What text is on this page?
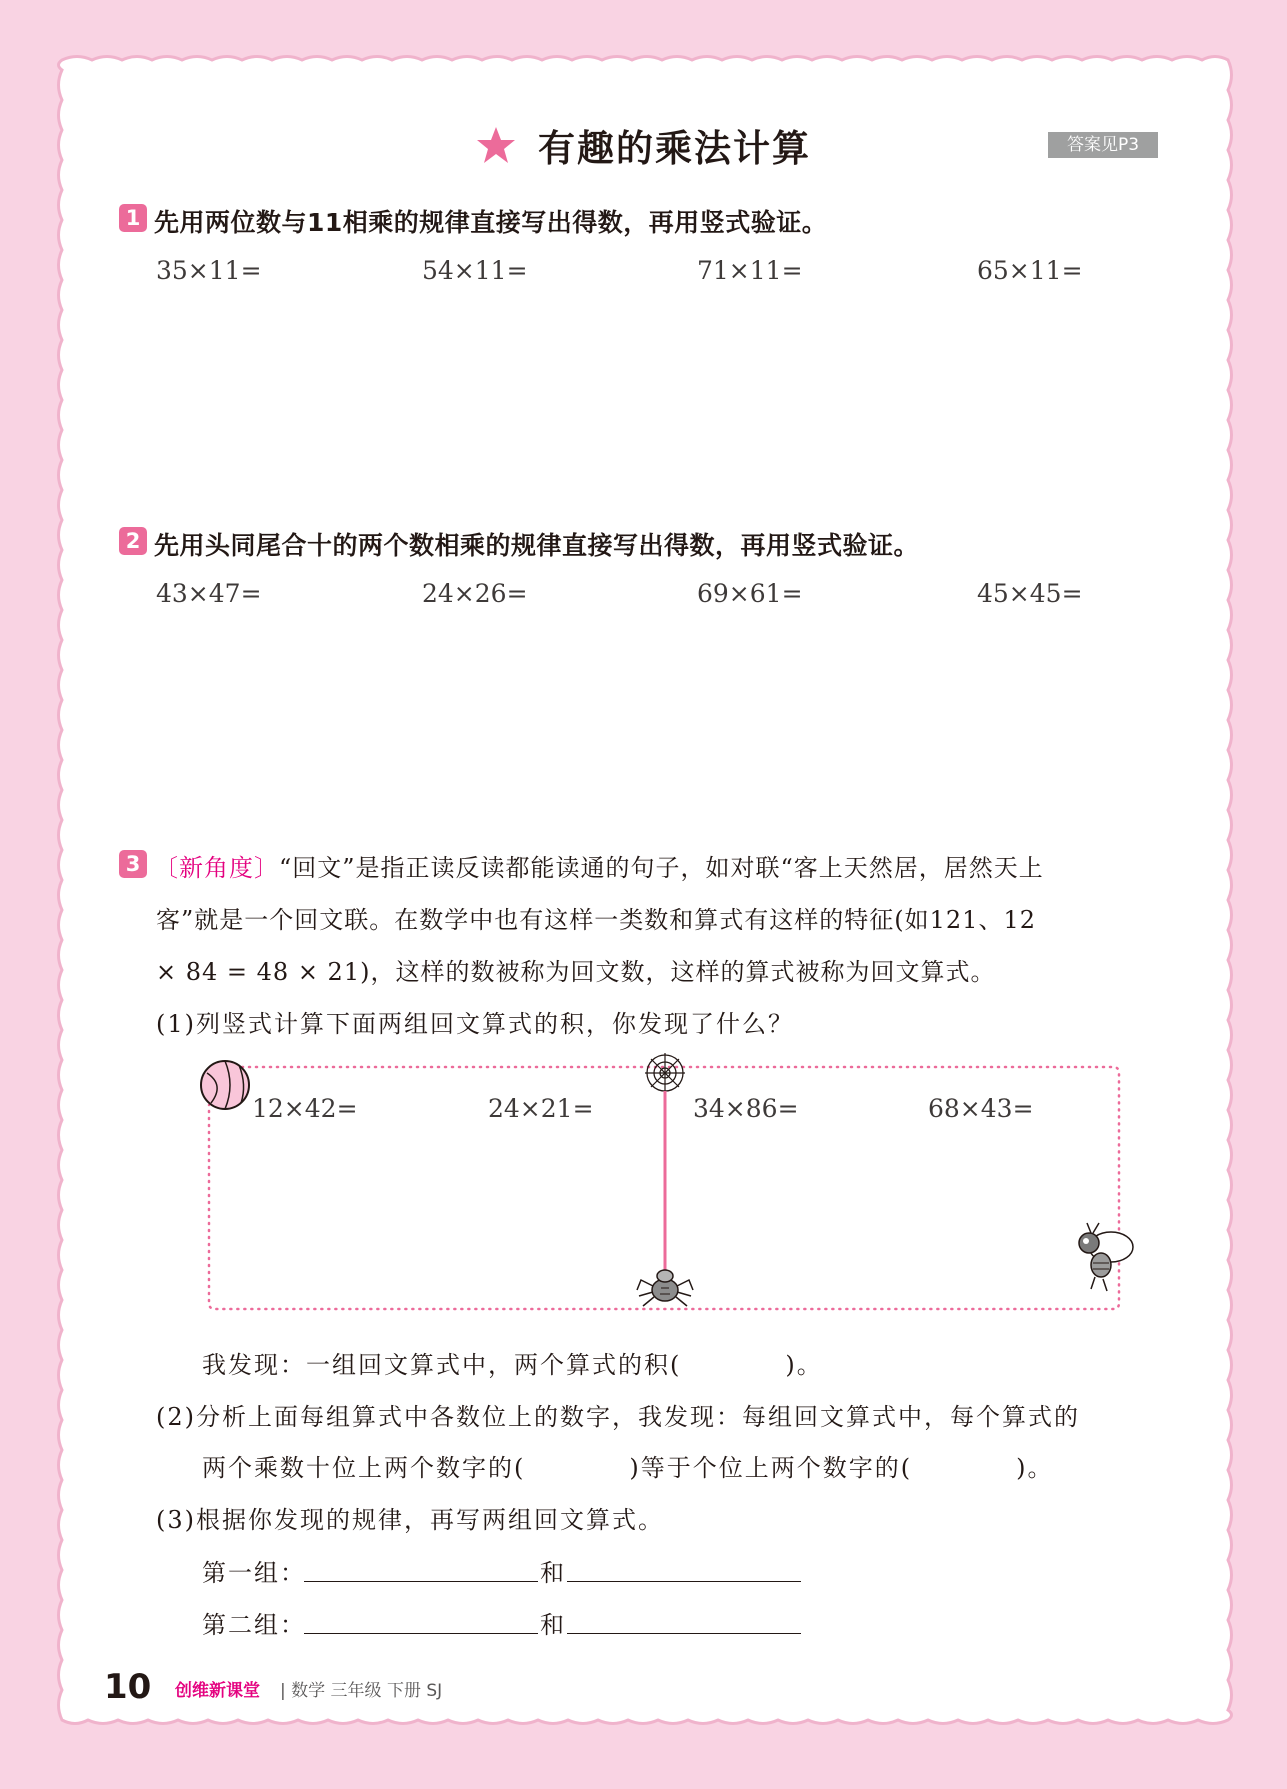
有趣的乘法计算	答案见P3
1 先用两位数与11相乘的规律直接写出得数，再用竖式验证。
35×11=	54×11=	71×11=	65×11=
2 先用头同尾合十的两个数相乘的规律直接写出得数，再用竖式验证。
43×47=	24×26=	69×61=	45×45=
3 〔新角度〕“回文”是指正读反读都能读通的句子，如对联“客上天然居，居然天上
客”就是一个回文联。在数学中也有这样一类数和算式有这样的特征(如121、12
× 84 = 48 × 21)，这样的数被称为回文数，这样的算式被称为回文算式。
(1)列竖式计算下面两组回文算式的积，你发现了什么？
12×42=	24×21=	34×86=	68×43=
我发现：一组回文算式中，两个算式的积(　　　　)。
(2)分析上面每组算式中各数位上的数字，我发现：每组回文算式中，每个算式的
两个乘数十位上两个数字的(　　　　)等于个位上两个数字的(　　　　)。
(3)根据你发现的规律，再写两组回文算式。
第一组：	和
第二组：	和
10 创维新课堂 | 数学 三年级 下册 SJ
